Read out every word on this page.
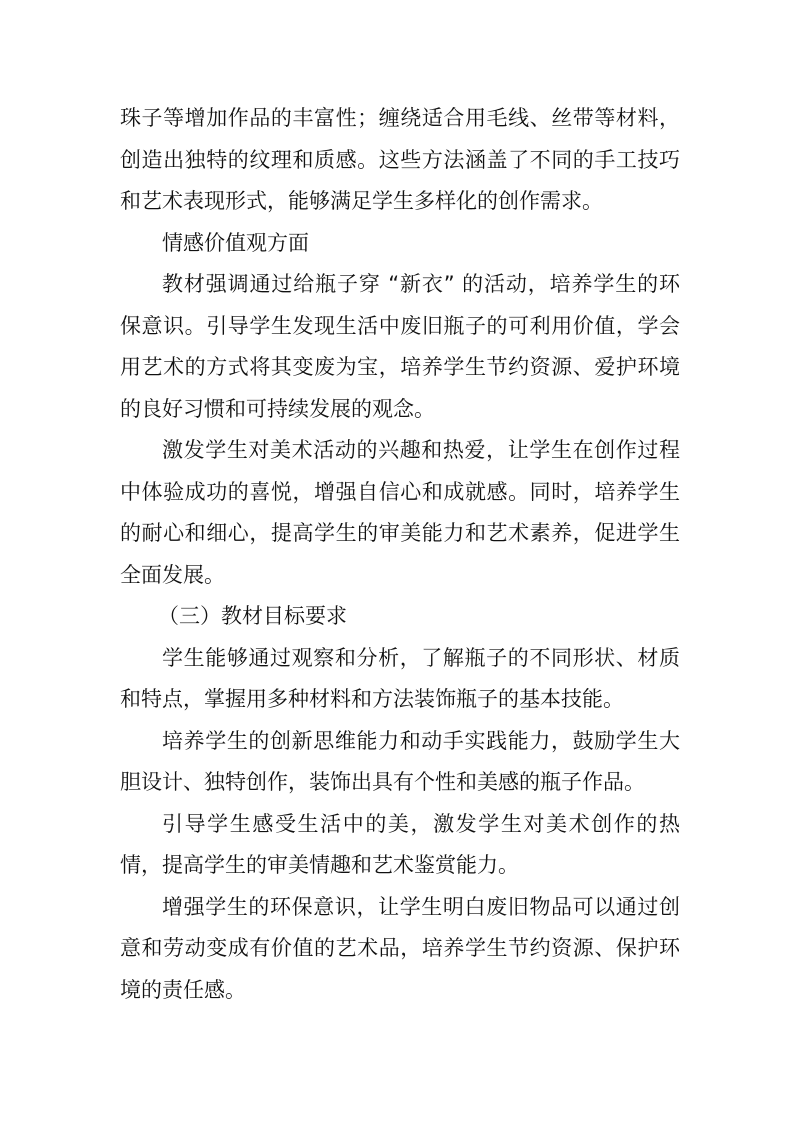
珠子等增加作品的丰富性；缠绕适合用毛线、丝带等材料，创造出独特的纹理和质感。这些方法涵盖了不同的手工技巧和艺术表现形式，能够满足学生多样化的创作需求。

情感价值观方面

教材强调通过给瓶子穿 “新衣” 的活动，培养学生的环保意识。引导学生发现生活中废旧瓶子的可利用价值，学会用艺术的方式将其变废为宝，培养学生节约资源、爱护环境的良好习惯和可持续发展的观念。

激发学生对美术活动的兴趣和热爱，让学生在创作过程中体验成功的喜悦，增强自信心和成就感。同时，培养学生的耐心和细心，提高学生的审美能力和艺术素养，促进学生全面发展。

（三）教材目标要求

学生能够通过观察和分析，了解瓶子的不同形状、材质和特点，掌握用多种材料和方法装饰瓶子的基本技能。

培养学生的创新思维能力和动手实践能力，鼓励学生大胆设计、独特创作，装饰出具有个性和美感的瓶子作品。

引导学生感受生活中的美，激发学生对美术创作的热情，提高学生的审美情趣和艺术鉴赏能力。

增强学生的环保意识，让学生明白废旧物品可以通过创意和劳动变成有价值的艺术品，培养学生节约资源、保护环境的责任感。
